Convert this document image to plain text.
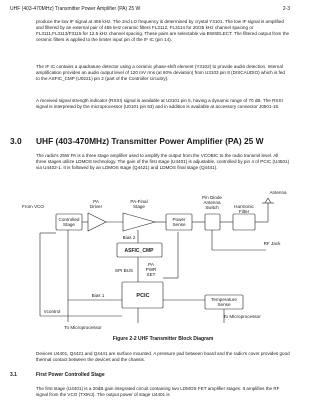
UHF (403-470MHz) Transmitter Power Amplifier (PA) 25 W	2-3

produce the low IF signal at 455 kHz. The 2nd LO frequency is determined by crystal Y3101. The low IF signal is amplified and filtered by an external pair of 455 kHz ceramic filters FL3112, FL3114 for 20/25 kHz channel spacing or FL3111,FL3113/F3115 for 12.5 kHz channel spacing. These pairs are selectable via BWSELECT. The filtered output from the ceramic filters is applied to the limiter input pin of the IF IC (pin 14).

The IF IC contains a quadrature detector using a ceramic phase-shift element (Y3102) to provide audio detection. Internal amplification provides an audio output level of 120 mV rms (at 60% deviation) from U3103 pin 8 (DISCAUDIO) which is fed to the ASFIC_CMP (U0221) pin 2 (part of the Controller circuitry).

A received signal strength indicator (RSSI) signal is available at U3101 pin 5, having a dynamic range of 70 dB. The RSSI signal is interpreted by the microprocessor (U0101 pin 63) and in addition is available at accessory connector J0501-15.

3.0 UHF (403-470MHz) Transmitter Power Amplifier (PA) 25 W

The radio's 25W PA is a three stage amplifier used to amplify the output from the VCOBIC to the radio transmit level. All three stages utilize LDMOS technology. The gain of the first stage (U4401) is adjustable, controlled by pin 4 of PCIC (U4501) via U4402-1. It is followed by an LDMOS stage (Q4421) and LDMOS final stage (Q4441).

From VCO
Controlled
Stage
PA
Driver
PA-Final
Stage
Power
Sense
Pin Diode
Antenna
Switch	Harmonic
Filter
Antenna
RF Jack
Bias 2
ASFIC_CMP
SPI BUS
PA
PWR
SET
Bias 1	PCIC
Temperature
Sense
Vcontrol
To Microprocessor
To Microprocessor
Figure 2-2 UHF Transmitter Block Diagram

Devices U4401, Q4421 and Q4441 are surface mounted. A pressure pad between board and the radio's cover provides good thermal contact between the devices and the chassis.

3.1	First Power Controlled Stage

The first stage (U4401) is a 20dB gain integrated circuit containing two LDMOS FET amplifier stages. It amplifies the RF signal from the VCO (TXINJ). The output power of stage U4401 is
